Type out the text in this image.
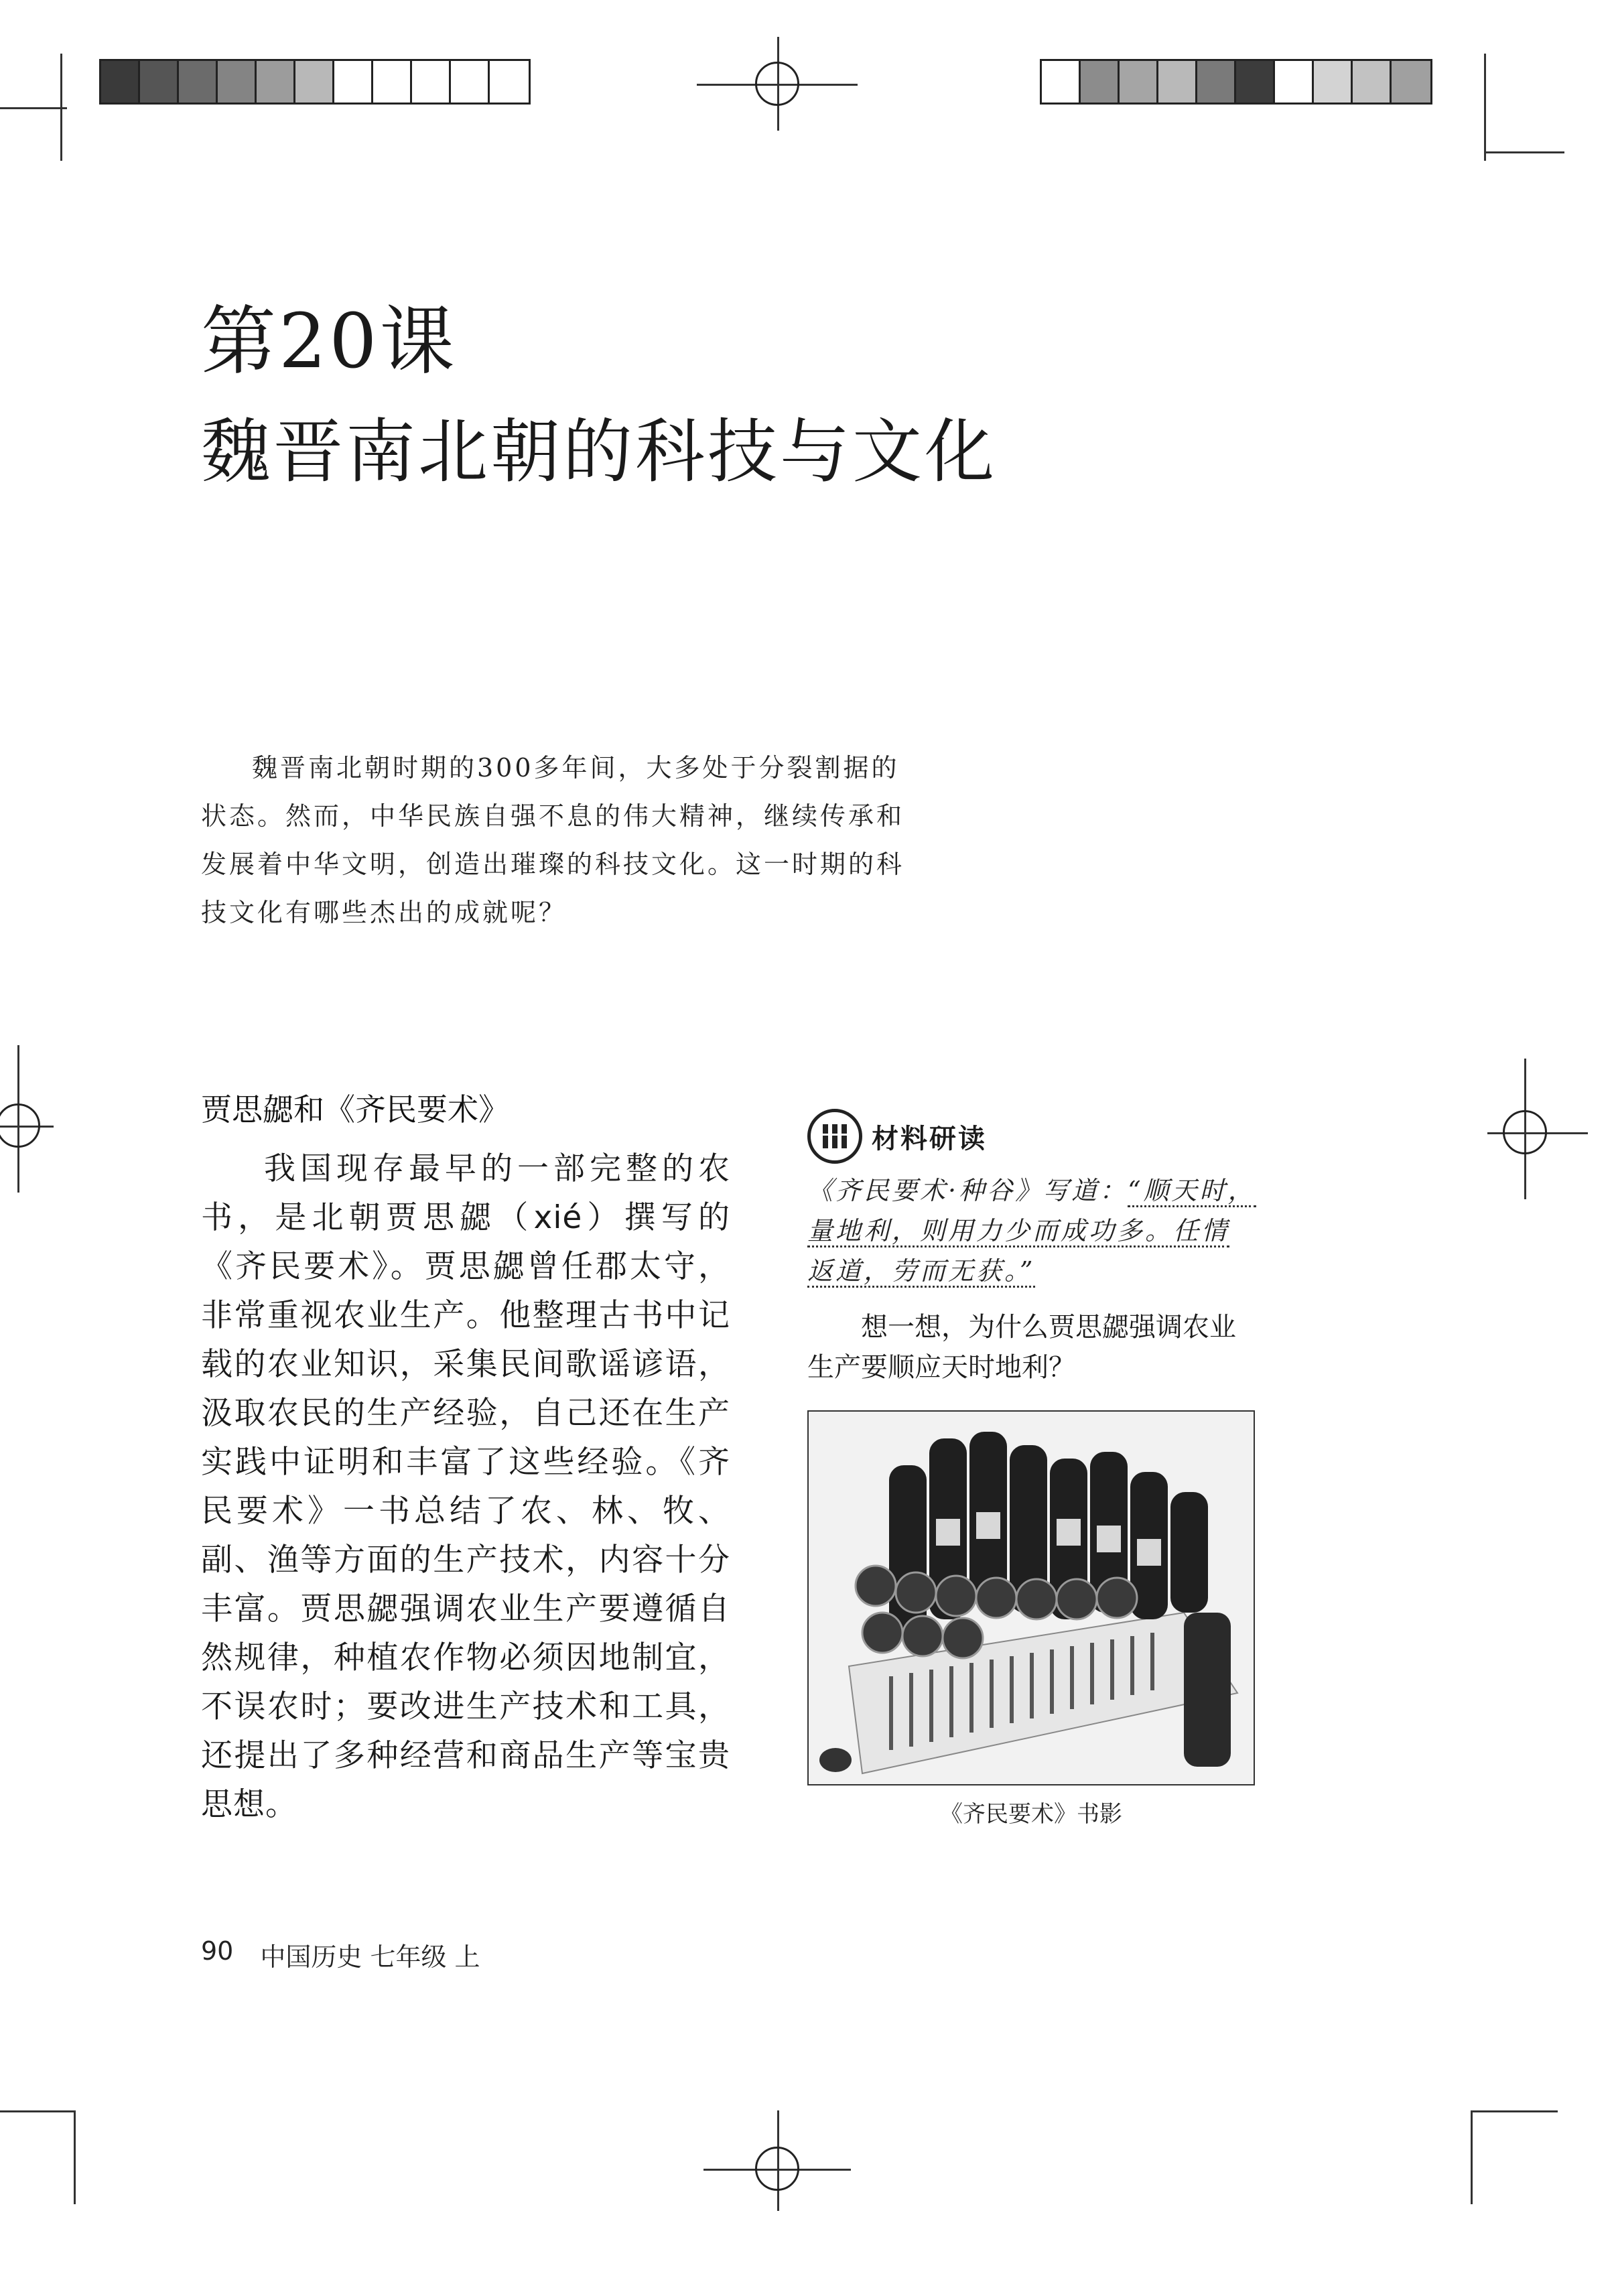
第20课
魏晋南北朝的科技与文化

魏晋南北朝时期的300多年间，大多处于分裂割据的状态。然而，中华民族自强不息的伟大精神，继续传承和发展着中华文明，创造出璀璨的科技文化。这一时期的科技文化有哪些杰出的成就呢？

贾思勰和《齐民要术》

我国现存最早的一部完整的农书，是北朝贾思勰（xié）撰写的《齐民要术》。贾思勰曾任郡太守，非常重视农业生产。他整理古书中记载的农业知识，采集民间歌谣谚语，汲取农民的生产经验，自己还在生产实践中证明和丰富了这些经验。《齐民要术》一书总结了农、林、牧、副、渔等方面的生产技术，内容十分丰富。贾思勰强调农业生产要遵循自然规律，种植农作物必须因地制宜，不误农时；要改进生产技术和工具，还提出了多种经营和商品生产等宝贵思想。

材料研读
《齐民要术·种谷》写道：“顺天时，量地利，则用力少而成功多。任情返道，劳而无获。”
想一想，为什么贾思勰强调农业生产要顺应天时地利？
《齐民要术》书影
90 中国历史 七年级 上
